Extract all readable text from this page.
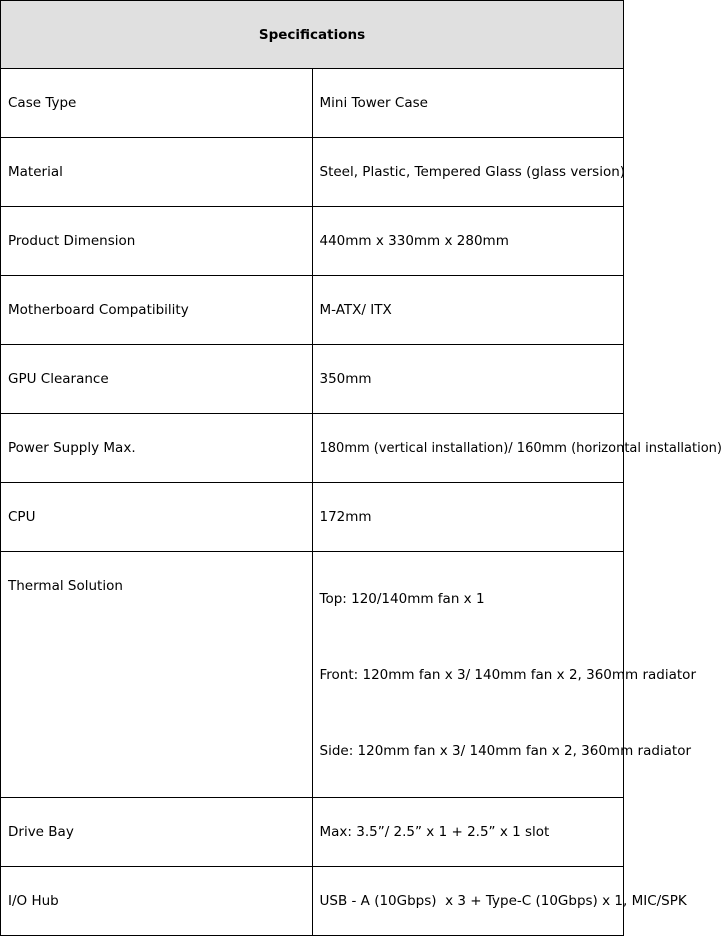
Specifications	
Case Type	Mini Tower Case
Material	Steel, Plastic, Tempered Glass (glass version)
Product Dimension	440mm x 330mm x 280mm
Motherboard Compatibility	M-ATX/ ITX
GPU Clearance	350mm
Power Supply Max.	180mm (vertical installation)/ 160mm (horizontal installation)
CPU	172mm
Thermal Solution	Top: 120/140mm fan x 1
Front: 120mm fan x 3/ 140mm fan x 2, 360mm radiator
Side: 120mm fan x 3/ 140mm fan x 2, 360mm radiator

Drive Bay	Max: 3.5”/ 2.5” x 1 + 2.5” x 1 slot
I/O Hub	USB - A (10Gbps)  x 3 + Type-C (10Gbps) x 1, MIC/SPK
